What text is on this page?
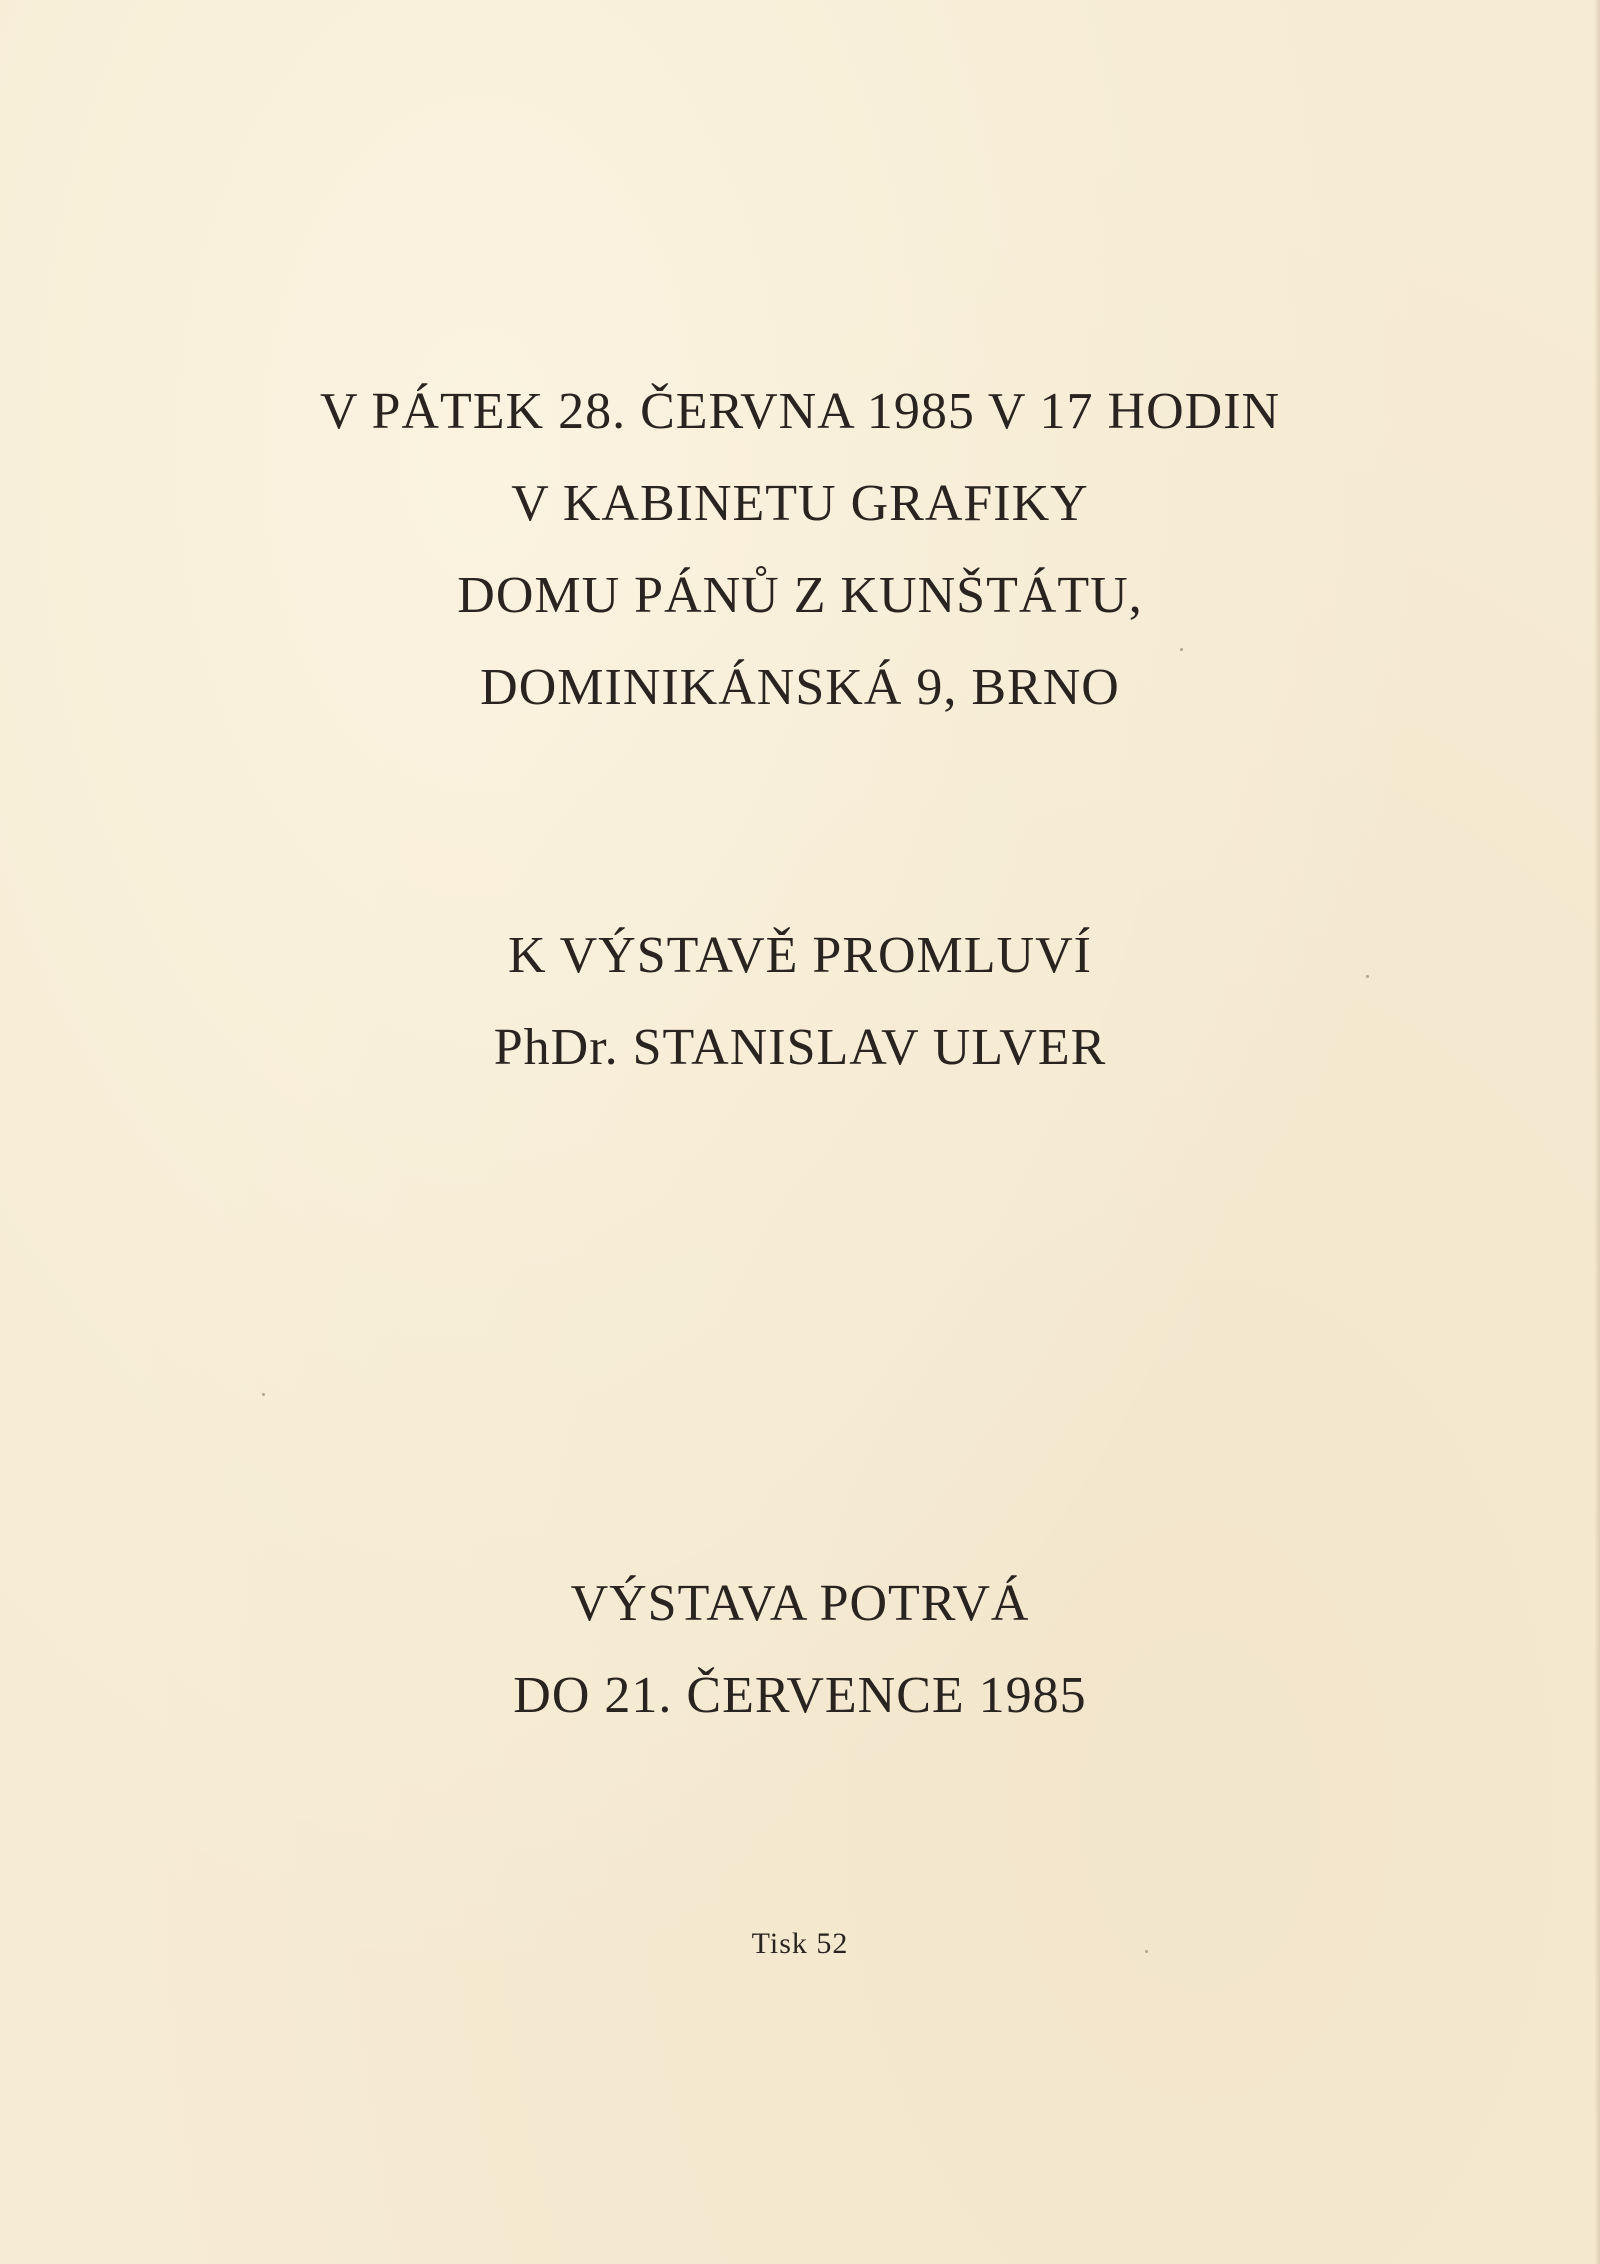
V PÁTEK 28. ČERVNA 1985 V 17 HODIN
V KABINETU GRAFIKY
DOMU PÁNŮ Z KUNŠTÁTU,
DOMINIKÁNSKÁ 9, BRNO
K VÝSTAVĚ PROMLUVÍ
PhDr. STANISLAV ULVER
VÝSTAVA POTRVÁ
DO 21. ČERVENCE 1985
Tisk 52
